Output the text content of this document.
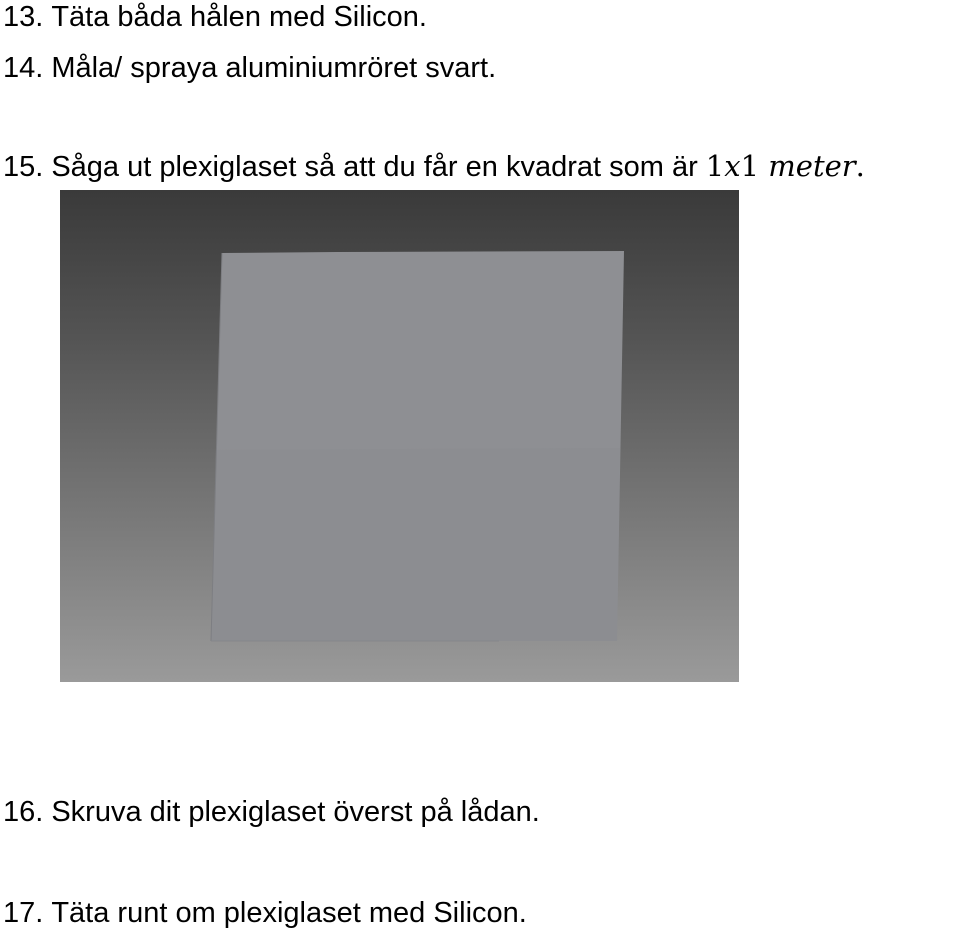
13. Täta båda hålen med Silicon.
14. Måla/ spraya aluminiumröret svart.
15. Såga ut plexiglaset så att du får en kvadrat som är 1x1 meter.
16. Skruva dit plexiglaset överst på lådan.
17. Täta runt om plexiglaset med Silicon.
